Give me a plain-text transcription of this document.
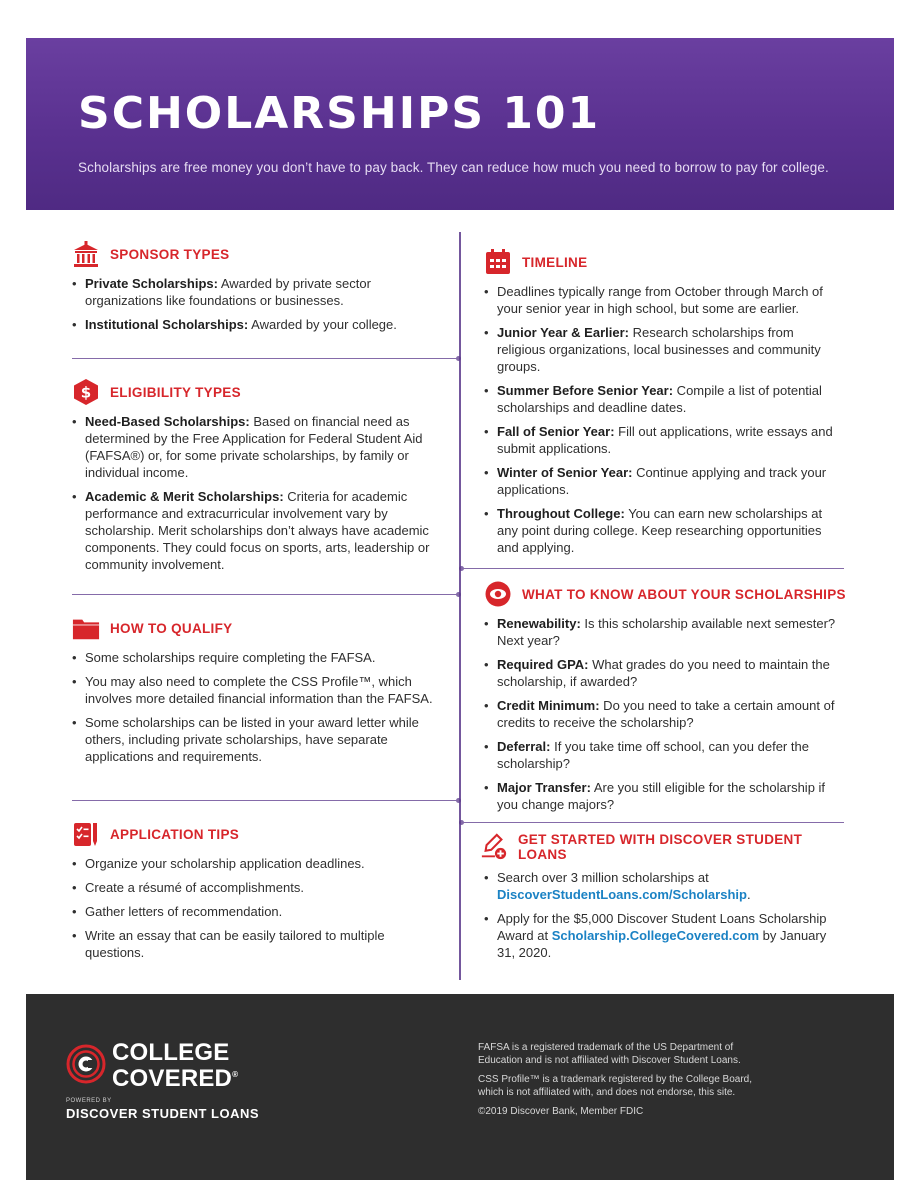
SCHOLARSHIPS 101

Scholarships are free money you don’t have to pay back. They can reduce how much you need to borrow to pay for college.

SPONSOR TYPES
• Private Scholarships: Awarded by private sector organizations like foundations or businesses.
• Institutional Scholarships: Awarded by your college.
$ ELIGIBILITY TYPES
• Need-Based Scholarships: Based on financial need as determined by the Free Application for Federal Student Aid (FAFSA®) or, for some private scholarships, by family or individual income.
• Academic & Merit Scholarships: Criteria for academic performance and extracurricular involvement vary by scholarship. Merit scholarships don’t always have academic components. They could focus on sports, arts, leadership or community involvement.
HOW TO QUALIFY
• Some scholarships require completing the FAFSA.
• You may also need to complete the CSS Profile™, which involves more detailed financial information than the FAFSA.
• Some scholarships can be listed in your award letter while others, including private scholarships, have separate applications and requirements.
APPLICATION TIPS
• Organize your scholarship application deadlines.
• Create a résumé of accomplishments.
• Gather letters of recommendation.
• Write an essay that can be easily tailored to multiple questions.
TIMELINE
• Deadlines typically range from October through March of your senior year in high school, but some are earlier.
• Junior Year & Earlier: Research scholarships from religious organizations, local businesses and community groups.
• Summer Before Senior Year: Compile a list of potential scholarships and deadline dates.
• Fall of Senior Year: Fill out applications, write essays and submit applications.
• Winter of Senior Year: Continue applying and track your applications.
• Throughout College: You can earn new scholarships at any point during college. Keep researching opportunities and applying.
WHAT TO KNOW ABOUT YOUR SCHOLARSHIPS
• Renewability: Is this scholarship available next semester? Next year?
• Required GPA: What grades do you need to maintain the scholarship, if awarded?
• Credit Minimum: Do you need to take a certain amount of credits to receive the scholarship?
• Deferral: If you take time off school, can you defer the scholarship?
• Major Transfer: Are you still eligible for the scholarship if you change majors?
GET STARTED WITH DISCOVER STUDENT LOANS
• Search over 3 million scholarships at DiscoverStudentLoans.com/Scholarship.
• Apply for the $5,000 Discover Student Loans Scholarship Award at Scholarship.CollegeCovered.com by January 31, 2020.
COLLEGE
COVERED®
POWERED BY
DISCOVER STUDENT LOANS

FAFSA is a registered trademark of the US Department of Education and is not affiliated with Discover Student Loans.

CSS Profile™ is a trademark registered by the College Board, which is not affiliated with, and does not endorse, this site.

©2019 Discover Bank, Member FDIC
